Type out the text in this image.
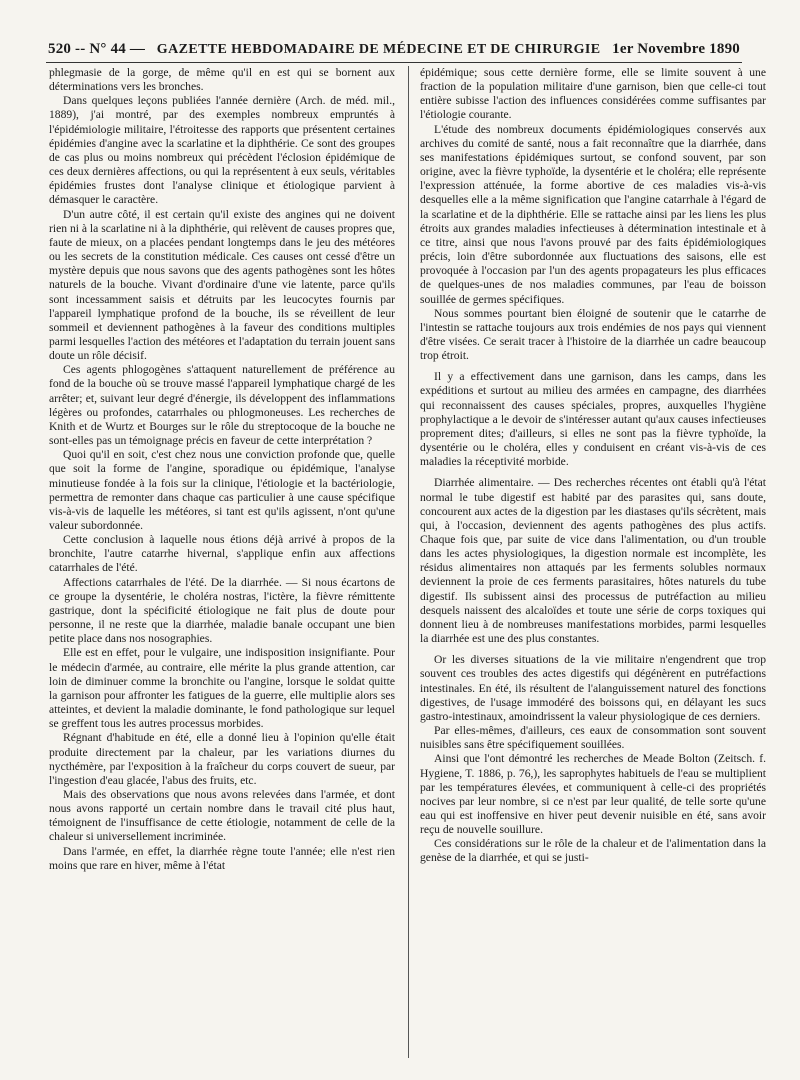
520 -- N° 44 — GAZETTE HEBDOMADAIRE DE MÉDECINE ET DE CHIRURGIE 1er Novembre 1890

phlegmasie de la gorge, de même qu'il en est qui se bornent aux déterminations vers les bronches.

Dans quelques leçons publiées l'année dernière (Arch. de méd. mil., 1889), j'ai montré, par des exemples nombreux empruntés à l'épidémiologie militaire, l'étroitesse des rapports que présentent certaines épidémies d'angine avec la scarlatine et la diphthérie. Ce sont des groupes de cas plus ou moins nombreux qui précèdent l'éclosion épidémique de ces deux dernières affections, ou qui la représentent à eux seuls, véritables épidémies frustes dont l'analyse clinique et étiologique parvient à démasquer le caractère.

D'un autre côté, il est certain qu'il existe des angines qui ne doivent rien ni à la scarlatine ni à la diphthérie, qui relèvent de causes propres que, faute de mieux, on a placées pendant longtemps dans le jeu des météores ou les secrets de la constitution médicale. Ces causes ont cessé d'être un mystère depuis que nous savons que des agents pathogènes sont les hôtes naturels de la bouche. Vivant d'ordinaire d'une vie latente, parce qu'ils sont incessamment saisis et détruits par les leucocytes fournis par l'appareil lymphatique profond de la bouche, ils se réveillent de leur sommeil et deviennent pathogènes à la faveur des conditions multiples parmi lesquelles l'action des météores et l'adaptation du terrain jouent sans doute un rôle décisif.

Ces agents phlogogènes s'attaquent naturellement de préférence au fond de la bouche où se trouve massé l'appareil lymphatique chargé de les arrêter; et, suivant leur degré d'énergie, ils développent des inflammations légères ou profondes, catarrhales ou phlogmoneuses. Les recherches de Knith et de Wurtz et Bourges sur le rôle du streptocoque de la bouche ne sont-elles pas un témoignage précis en faveur de cette interprétation ?

Quoi qu'il en soit, c'est chez nous une conviction profonde que, quelle que soit la forme de l'angine, sporadique ou épidémique, l'analyse minutieuse fondée à la fois sur la clinique, l'étiologie et la bactériologie, permettra de remonter dans chaque cas particulier à une cause spécifique vis-à-vis de laquelle les météores, si tant est qu'ils agissent, n'ont qu'une valeur subordonnée.

Cette conclusion à laquelle nous étions déjà arrivé à propos de la bronchite, l'autre catarrhe hivernal, s'applique enfin aux affections catarrhales de l'été.

Affections catarrhales de l'été. De la diarrhée. — Si nous écartons de ce groupe la dysentérie, le choléra nostras, l'ictère, la fièvre rémittente gastrique, dont la spécificité étiologique ne fait plus de doute pour personne, il ne reste que la diarrhée, maladie banale occupant une bien petite place dans nos nosographies.

Elle est en effet, pour le vulgaire, une indisposition insignifiante. Pour le médecin d'armée, au contraire, elle mérite la plus grande attention, car loin de diminuer comme la bronchite ou l'angine, lorsque le soldat quitte la garnison pour affronter les fatigues de la guerre, elle multiplie alors ses atteintes, et devient la maladie dominante, le fond pathologique sur lequel se greffent tous les autres processus morbides.

Régnant d'habitude en été, elle a donné lieu à l'opinion qu'elle était produite directement par la chaleur, par les variations diurnes du nycthémère, par l'exposition à la fraîcheur du corps couvert de sueur, par l'ingestion d'eau glacée, l'abus des fruits, etc.

Mais des observations que nous avons relevées dans l'armée, et dont nous avons rapporté un certain nombre dans le travail cité plus haut, témoignent de l'insuffisance de cette étiologie, notamment de celle de la chaleur si universellement incriminée.

Dans l'armée, en effet, la diarrhée règne toute l'année; elle n'est rien moins que rare en hiver, même à l'état

épidémique; sous cette dernière forme, elle se limite souvent à une fraction de la population militaire d'une garnison, bien que celle-ci tout entière subisse l'action des influences considérées comme suffisantes par l'étiologie courante.

L'étude des nombreux documents épidémiologiques conservés aux archives du comité de santé, nous a fait reconnaître que la diarrhée, dans ses manifestations épidémiques surtout, se confond souvent, par son origine, avec la fièvre typhoïde, la dysentérie et le choléra; elle représente l'expression atténuée, la forme abortive de ces maladies vis-à-vis desquelles elle a la même signification que l'angine catarrhale à l'égard de la scarlatine et de la diphthérie. Elle se rattache ainsi par les liens les plus étroits aux grandes maladies infectieuses à détermination intestinale et à ce titre, ainsi que nous l'avons prouvé par des faits épidémiologiques précis, loin d'être subordonnée aux fluctuations des saisons, elle est provoquée à l'occasion par l'un des agents propagateurs les plus efficaces de quelques-unes de nos maladies communes, par l'eau de boisson souillée de germes spécifiques.

Nous sommes pourtant bien éloigné de soutenir que le catarrhe de l'intestin se rattache toujours aux trois endémies de nos pays qui viennent d'être visées. Ce serait tracer à l'histoire de la diarrhée un cadre beaucoup trop étroit.

Il y a effectivement dans une garnison, dans les camps, dans les expéditions et surtout au milieu des armées en campagne, des diarrhées qui reconnaissent des causes spéciales, propres, auxquelles l'hygiène prophylactique a le devoir de s'intéresser autant qu'aux causes infectieuses proprement dites; d'ailleurs, si elles ne sont pas la fièvre typhoïde, la dysentérie ou le choléra, elles y conduisent en créant vis-à-vis de ces maladies la réceptivité morbide.

Diarrhée alimentaire. — Des recherches récentes ont établi qu'à l'état normal le tube digestif est habité par des parasites qui, sans doute, concourent aux actes de la digestion par les diastases qu'ils sécrètent, mais qui, à l'occasion, deviennent des agents pathogènes des plus actifs. Chaque fois que, par suite de vice dans l'alimentation, ou d'un trouble dans les actes physiologiques, la digestion normale est incomplète, les résidus alimentaires non attaqués par les ferments solubles normaux deviennent la proie de ces ferments parasitaires, hôtes naturels du tube digestif. Ils subissent ainsi des processus de putréfaction au milieu desquels naissent des alcaloïdes et toute une série de corps toxiques qui donnent lieu à de nombreuses manifestations morbides, parmi lesquelles la diarrhée est une des plus constantes.

Or les diverses situations de la vie militaire n'engendrent que trop souvent ces troubles des actes digestifs qui dégénèrent en putréfactions intestinales. En été, ils résultent de l'alanguissement naturel des fonctions digestives, de l'usage immodéré des boissons qui, en délayant les sucs gastro-intestinaux, amoindrissent la valeur physiologique de ces derniers.

Par elles-mêmes, d'ailleurs, ces eaux de consommation sont souvent nuisibles sans être spécifiquement souillées.

Ainsi que l'ont démontré les recherches de Meade Bolton (Zeitsch. f. Hygiene, T. 1886, p. 76,), les saprophytes habituels de l'eau se multiplient par les températures élevées, et communiquent à celle-ci des propriétés nocives par leur nombre, si ce n'est par leur qualité, de telle sorte qu'une eau qui est inoffensive en hiver peut devenir nuisible en été, sans avoir reçu de nouvelle souillure.

Ces considérations sur le rôle de la chaleur et de l'alimentation dans la genèse de la diarrhée, et qui se justi-
